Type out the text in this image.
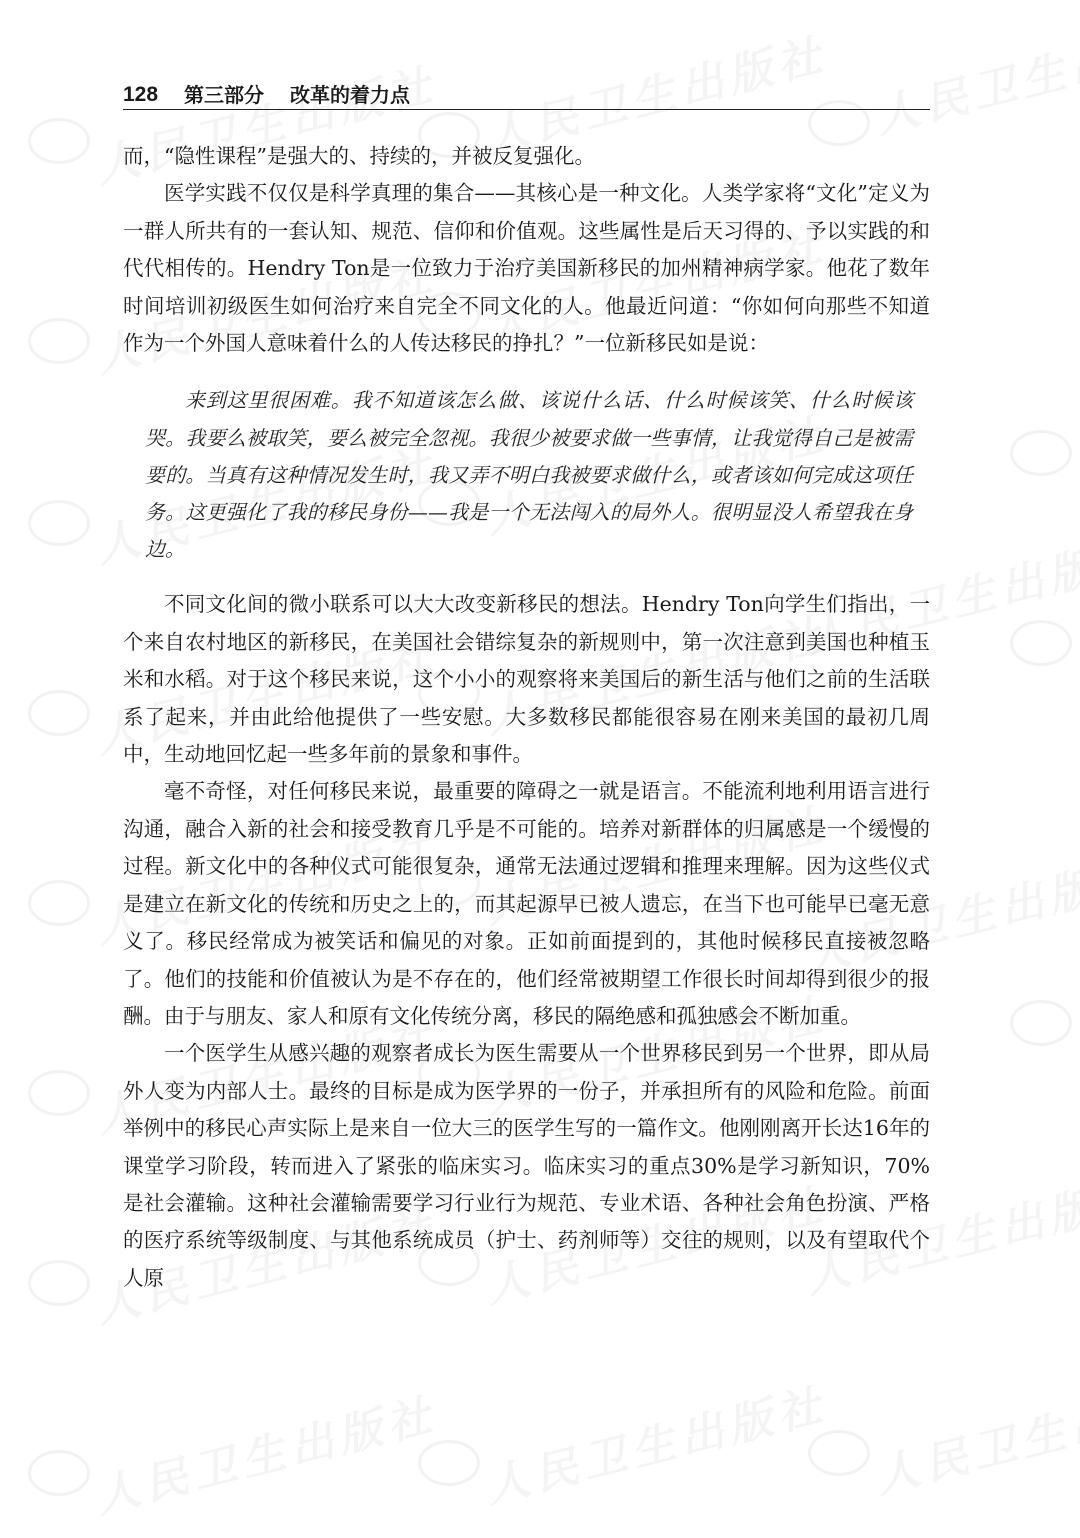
128 第三部分 改革的着力点

而，“隐性课程”是强大的、持续的，并被反复强化。

医学实践不仅仅是科学真理的集合——其核心是一种文化。人类学家将“文化”定义为一群人所共有的一套认知、规范、信仰和价值观。这些属性是后天习得的、予以实践的和代代相传的。Hendry Ton是一位致力于治疗美国新移民的加州精神病学家。他花了数年时间培训初级医生如何治疗来自完全不同文化的人。他最近问道：“你如何向那些不知道作为一个外国人意味着什么的人传达移民的挣扎？”一位新移民如是说：

来到这里很困难。我不知道该怎么做、该说什么话、什么时候该笑、什么时候该哭。我要么被取笑，要么被完全忽视。我很少被要求做一些事情，让我觉得自己是被需要的。当真有这种情况发生时，我又弄不明白我被要求做什么，或者该如何完成这项任务。这更强化了我的移民身份——我是一个无法闯入的局外人。很明显没人希望我在身边。

不同文化间的微小联系可以大大改变新移民的想法。Hendry Ton向学生们指出，一个来自农村地区的新移民，在美国社会错综复杂的新规则中，第一次注意到美国也种植玉米和水稻。对于这个移民来说，这个小小的观察将来美国后的新生活与他们之前的生活联系了起来，并由此给他提供了一些安慰。大多数移民都能很容易在刚来美国的最初几周中，生动地回忆起一些多年前的景象和事件。

毫不奇怪，对任何移民来说，最重要的障碍之一就是语言。不能流利地利用语言进行沟通，融合入新的社会和接受教育几乎是不可能的。培养对新群体的归属感是一个缓慢的过程。新文化中的各种仪式可能很复杂，通常无法通过逻辑和推理来理解。因为这些仪式是建立在新文化的传统和历史之上的，而其起源早已被人遗忘，在当下也可能早已毫无意义了。移民经常成为被笑话和偏见的对象。正如前面提到的，其他时候移民直接被忽略了。他们的技能和价值被认为是不存在的，他们经常被期望工作很长时间却得到很少的报酬。由于与朋友、家人和原有文化传统分离，移民的隔绝感和孤独感会不断加重。

一个医学生从感兴趣的观察者成长为医生需要从一个世界移民到另一个世界，即从局外人变为内部人士。最终的目标是成为医学界的一份子，并承担所有的风险和危险。前面举例中的移民心声实际上是来自一位大三的医学生写的一篇作文。他刚刚离开长达16年的课堂学习阶段，转而进入了紧张的临床实习。临床实习的重点30%是学习新知识，70%是社会灌输。这种社会灌输需要学习行业行为规范、专业术语、各种社会角色扮演、严格的医疗系统等级制度、与其他系统成员（护士、药剂师等）交往的规则，以及有望取代个人原
